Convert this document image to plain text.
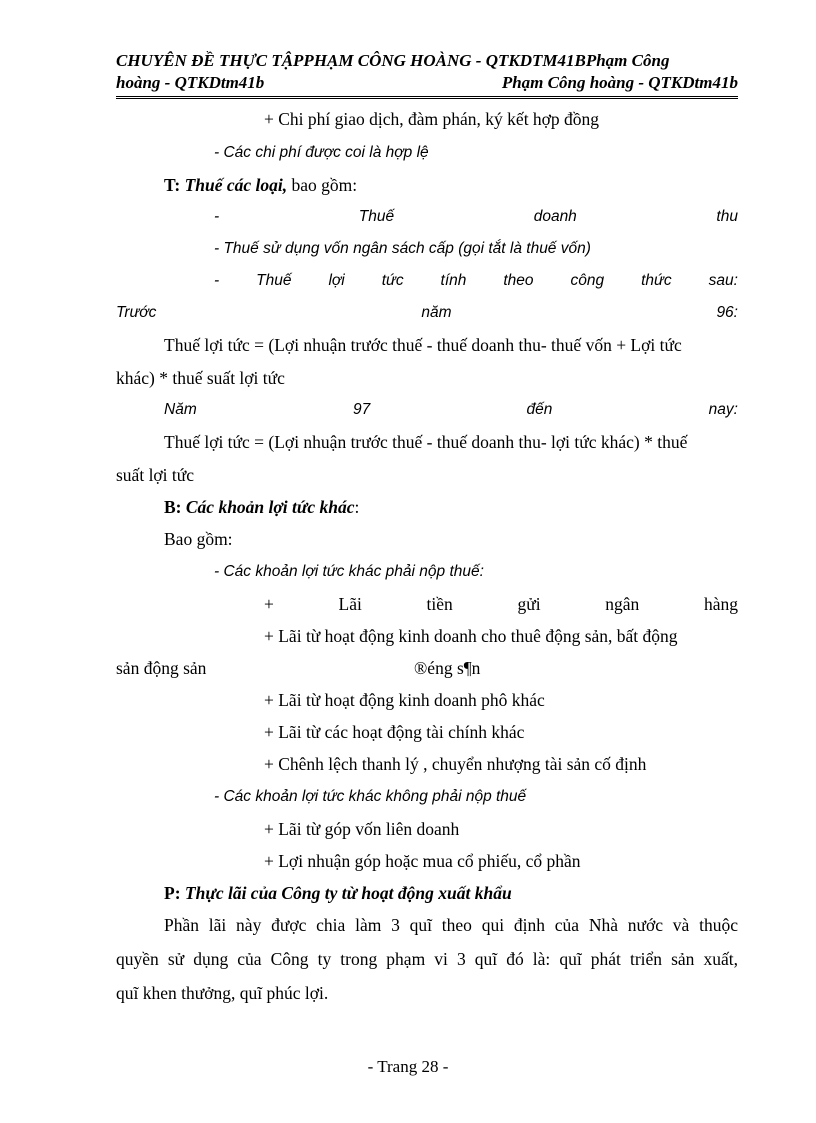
CHUYÊN ĐỀ THỰC TẬPPHẠM CÔNG HOÀNG - QTKDTM41BPhạm Công
hoàng - QTKDtm41b	Phạm Công hoàng - QTKDtm41b
+ Chi phí giao dịch, đàm phán, ký kết hợp đồng
- Các chi phí được coi là hợp lệ
T: Thuế các loại, bao gồm:
-	Thuế	doanh	thu
- Thuế sử dụng vốn ngân sách cấp (gọi tắt là thuế vốn)
- Thuế lợi tức tính theo công thức sau:
Trước	năm	96:
Thuế lợi tức = (Lợi nhuận trước thuế - thuế doanh thu- thuế vốn + Lợi tức
khác) * thuế suất lợi tức
Năm	97	đến	nay:
Thuế lợi tức = (Lợi nhuận trước thuế - thuế doanh thu- lợi tức khác) * thuế
suất lợi tức
B: Các khoản lợi tức khác:
Bao gồm:
- Các khoản lợi tức khác phải nộp thuế:
+	Lãi	tiền	gửi	ngân	hàng
+ Lãi từ hoạt động kinh doanh cho thuê động sản, bất động
sản động sản	®éng s¶n
+ Lãi từ hoạt động kinh doanh phô khác
+ Lãi từ các hoạt động tài chính khác
+ Chênh lệch thanh lý , chuyển nhượng tài sản cố định
- Các khoản lợi tức khác không phải nộp thuế
+ Lãi từ góp vốn liên doanh
+ Lợi nhuận góp hoặc mua cổ phiếu, cổ phần
P: Thực lãi của Công ty từ hoạt động xuất khẩu
Phần lãi này được chia làm 3 quĩ theo qui định của Nhà nước và thuộc
quyền sử dụng của Công ty trong phạm vi 3 quĩ đó là: quĩ phát triển sản xuất,
quĩ khen thưởng, quĩ phúc lợi.
- Trang 28 -
